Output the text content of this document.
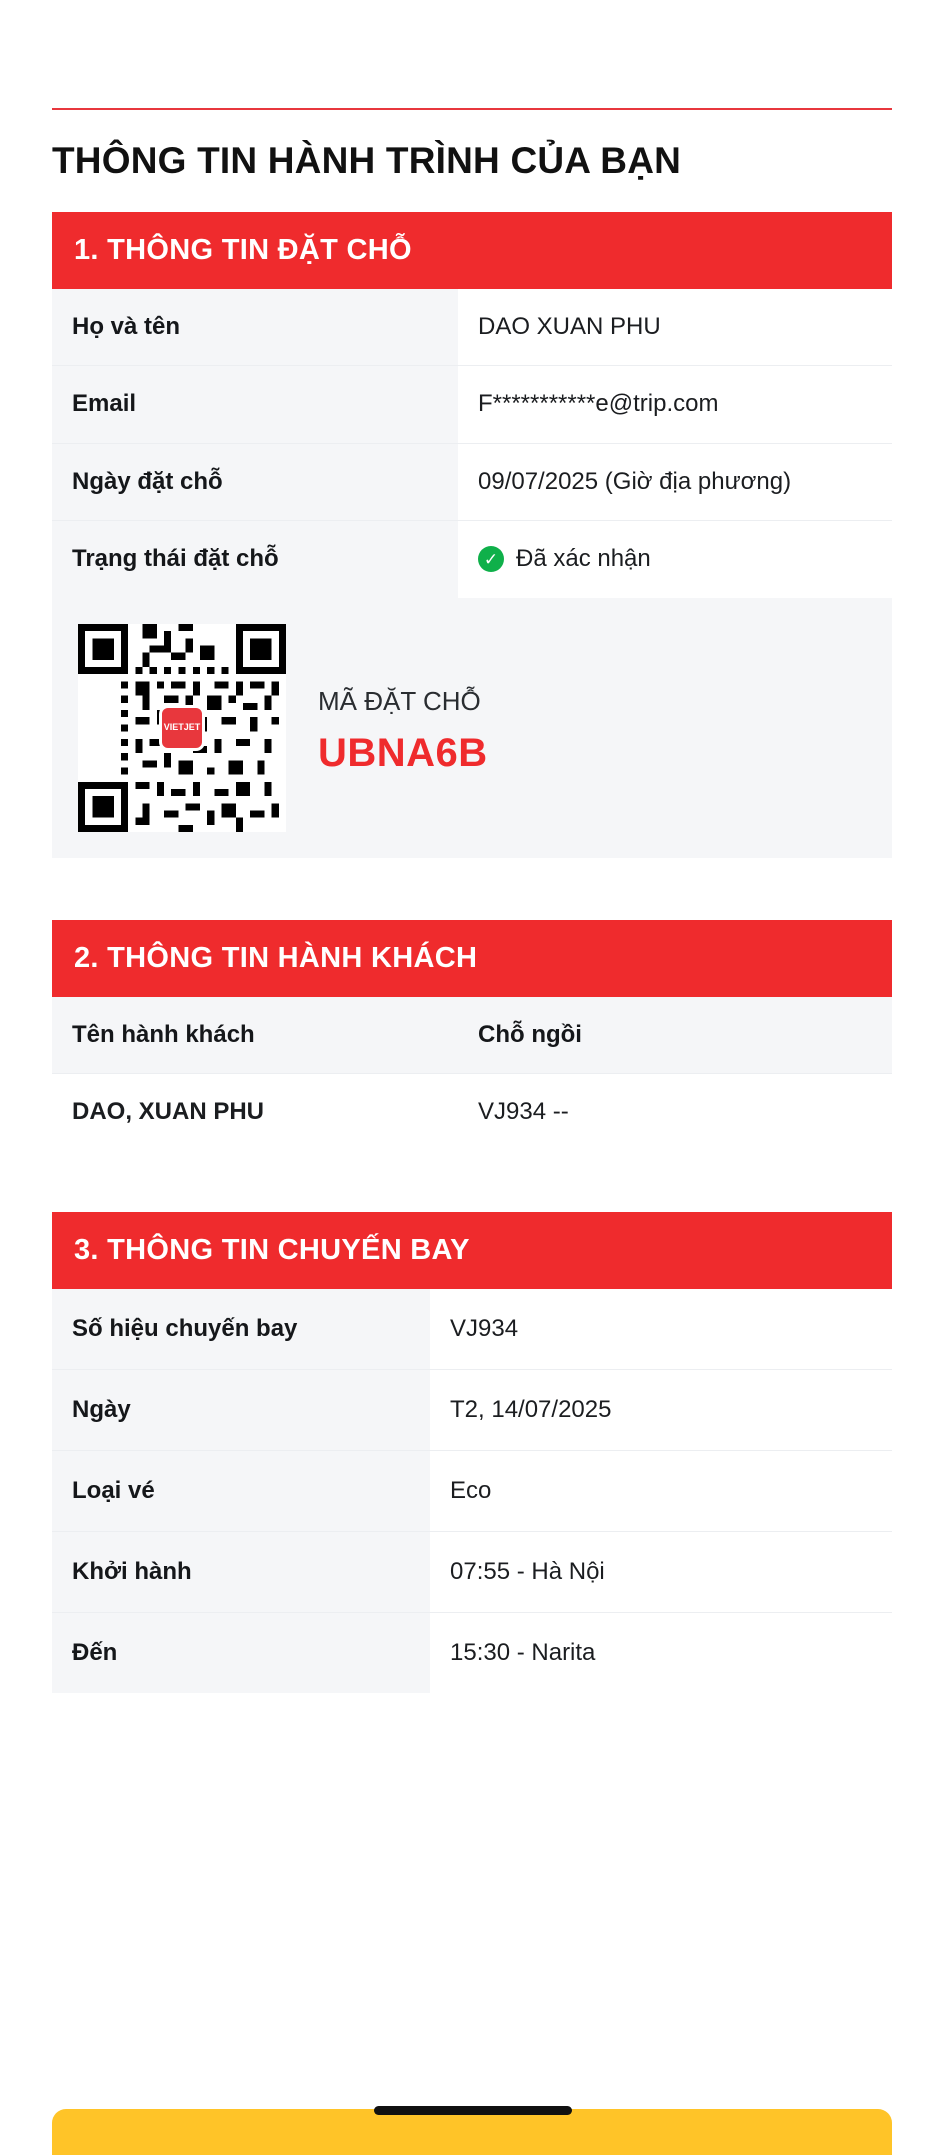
THÔNG TIN HÀNH TRÌNH CỦA BẠN
1. THÔNG TIN ĐẶT CHỖ
Họ và tên	DAO XUAN PHU
Email	F***********e@trip.com
Ngày đặt chỗ	09/07/2025 (Giờ địa phương)
Trạng thái đặt chỗ		✓ Đã xác nhận
VIETJET
MÃ ĐẶT CHỖ
UBNA6B
2. THÔNG TIN HÀNH KHÁCH
Tên hành khách	Chỗ ngồi
DAO, XUAN PHU	VJ934 --
3. THÔNG TIN CHUYẾN BAY
Số hiệu chuyến bay	VJ934
Ngày	T2, 14/07/2025
Loại vé	Eco
Khởi hành	07:55 - Hà Nội
Đến	15:30 - Narita
